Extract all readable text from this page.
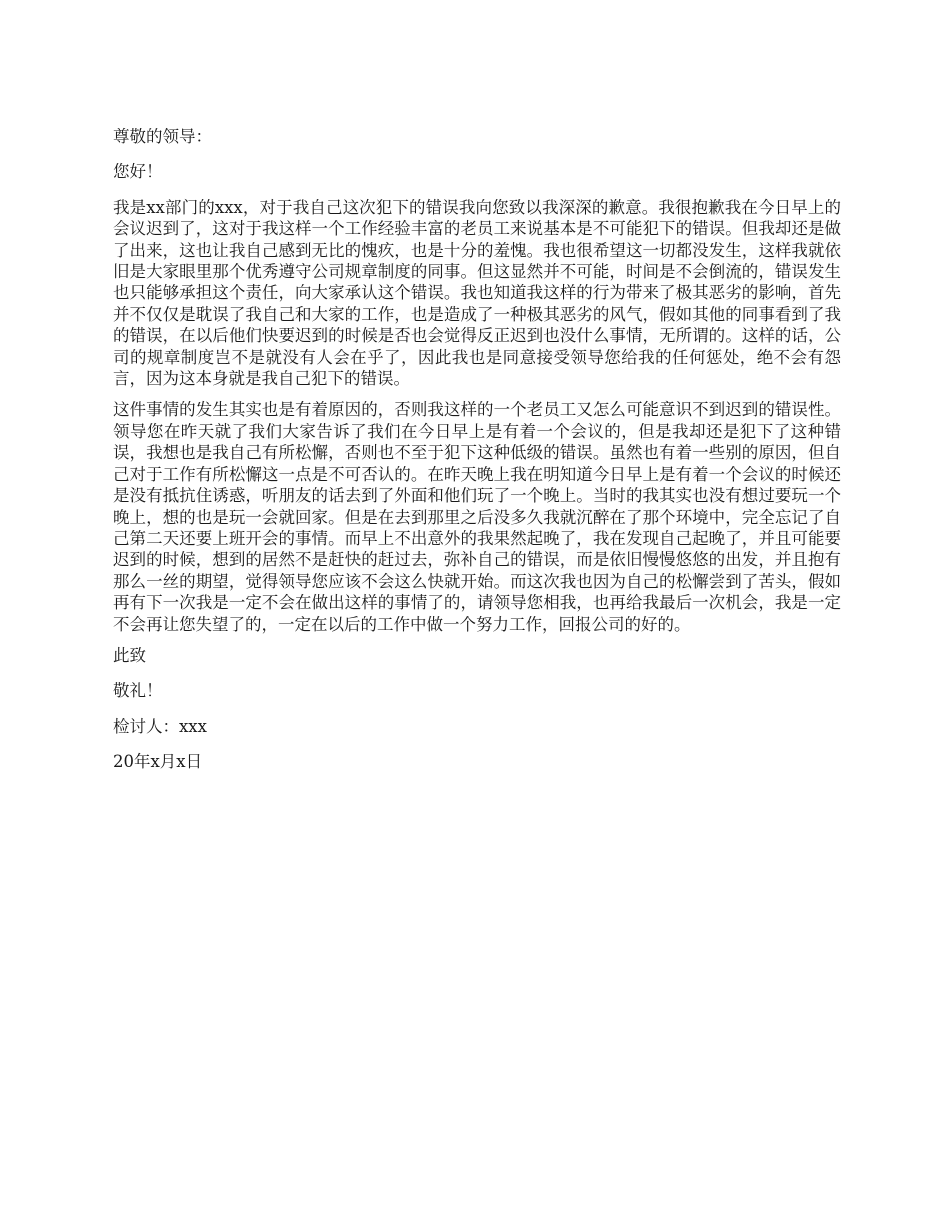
尊敬的领导：

您好！

我是xx部门的xxx，对于我自己这次犯下的错误我向您致以我深深的歉意。我很抱歉我在今日早上的会议迟到了，这对于我这样一个工作经验丰富的老员工来说基本是不可能犯下的错误。但我却还是做了出来，这也让我自己感到无比的愧疚，也是十分的羞愧。我也很希望这一切都没发生，这样我就依旧是大家眼里那个优秀遵守公司规章制度的同事。但这显然并不可能，时间是不会倒流的，错误发生也只能够承担这个责任，向大家承认这个错误。我也知道我这样的行为带来了极其恶劣的影响，首先并不仅仅是耽误了我自己和大家的工作，也是造成了一种极其恶劣的风气，假如其他的同事看到了我的错误，在以后他们快要迟到的时候是否也会觉得反正迟到也没什么事情，无所谓的。这样的话，公司的规章制度岂不是就没有人会在乎了，因此我也是同意接受领导您给我的任何惩处，绝不会有怨言，因为这本身就是我自己犯下的错误。

这件事情的发生其实也是有着原因的，否则我这样的一个老员工又怎么可能意识不到迟到的错误性。领导您在昨天就了我们大家告诉了我们在今日早上是有着一个会议的，但是我却还是犯下了这种错误，我想也是我自己有所松懈，否则也不至于犯下这种低级的错误。虽然也有着一些别的原因，但自己对于工作有所松懈这一点是不可否认的。在昨天晚上我在明知道今日早上是有着一个会议的时候还是没有抵抗住诱惑，听朋友的话去到了外面和他们玩了一个晚上。当时的我其实也没有想过要玩一个晚上，想的也是玩一会就回家。但是在去到那里之后没多久我就沉醉在了那个环境中，完全忘记了自己第二天还要上班开会的事情。而早上不出意外的我果然起晚了，我在发现自己起晚了，并且可能要迟到的时候，想到的居然不是赶快的赶过去，弥补自己的错误，而是依旧慢慢悠悠的出发，并且抱有那么一丝的期望，觉得领导您应该不会这么快就开始。而这次我也因为自己的松懈尝到了苦头，假如再有下一次我是一定不会在做出这样的事情了的，请领导您相我，也再给我最后一次机会，我是一定不会再让您失望了的，一定在以后的工作中做一个努力工作，回报公司的好的。

此致

敬礼！

检讨人：xxx

20年x月x日
